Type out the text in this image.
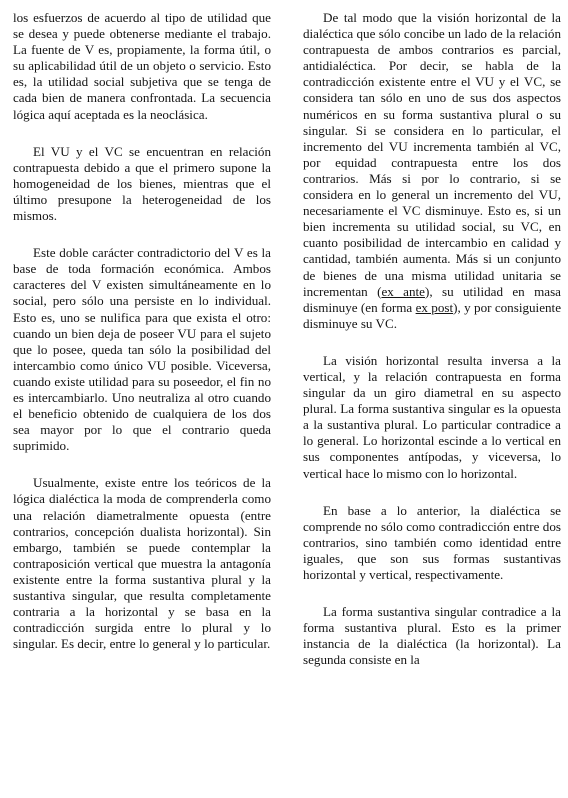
los esfuerzos de acuerdo al tipo de utilidad que se desea y puede obtenerse mediante el trabajo. La fuente de V es, propiamente, la forma útil, o su aplicabilidad útil de un objeto o servicio. Esto es, la utilidad social subjetiva que se tenga de cada bien de manera confrontada. La secuencia lógica aquí aceptada es la neoclásica.

El VU y el VC se encuentran en relación contrapuesta debido a que el primero supone la homogeneidad de los bienes, mientras que el último presupone la heterogeneidad de los mismos.

Este doble carácter contradictorio del V es la base de toda formación económica. Ambos caracteres del V existen simultáneamente en lo social, pero sólo una persiste en lo individual. Esto es, uno se nulifica para que exista el otro: cuando un bien deja de poseer VU para el sujeto que lo posee, queda tan sólo la posibilidad del intercambio como único VU posible. Viceversa, cuando existe utilidad para su poseedor, el fin no es intercambiarlo. Uno neutraliza al otro cuando el beneficio obtenido de cualquiera de los dos sea mayor por lo que el contrario queda suprimido.

Usualmente, existe entre los teóricos de la lógica dialéctica la moda de comprenderla como una relación diametralmente opuesta (entre contrarios, concepción dualista horizontal). Sin embargo, también se puede contemplar la contraposición vertical que muestra la antagonía existente entre la forma sustantiva plural y la sustantiva singular, que resulta completamente contraria a la horizontal y se basa en la contradicción surgida entre lo plural y lo singular. Es decir, entre lo general y lo particular.

De tal modo que la visión horizontal de la dialéctica que sólo concibe un lado de la relación contrapuesta de ambos contrarios es parcial, antidialéctica. Por decir, se habla de la contradicción existente entre el VU y el VC, se considera tan sólo en uno de sus dos aspectos numéricos en su forma sustantiva plural o su singular. Si se considera en lo particular, el incremento del VU incrementa también al VC, por equidad contrapuesta entre los dos contrarios. Más si por lo contrario, si se considera en lo general un incremento del VU, necesariamente el VC disminuye. Esto es, si un bien incrementa su utilidad social, su VC, en cuanto posibilidad de intercambio en calidad y cantidad, también aumenta. Más si un conjunto de bienes de una misma utilidad unitaria se incrementan (ex ante), su utilidad en masa disminuye (en forma ex post), y por consiguiente disminuye su VC.

La visión horizontal resulta inversa a la vertical, y la relación contrapuesta en forma singular da un giro diametral en su aspecto plural. La forma sustantiva singular es la opuesta a la sustantiva plural. Lo particular contradice a lo general. Lo horizontal escinde a lo vertical en sus componentes antípodas, y viceversa, lo vertical hace lo mismo con lo horizontal.

En base a lo anterior, la dialéctica se comprende no sólo como contradicción entre dos contrarios, sino también como identidad entre iguales, que son sus formas sustantivas horizontal y vertical, respectivamente.

La forma sustantiva singular contradice a la forma sustantiva plural. Esto es la primer instancia de la dialéctica (la horizontal). La segunda consiste en la
